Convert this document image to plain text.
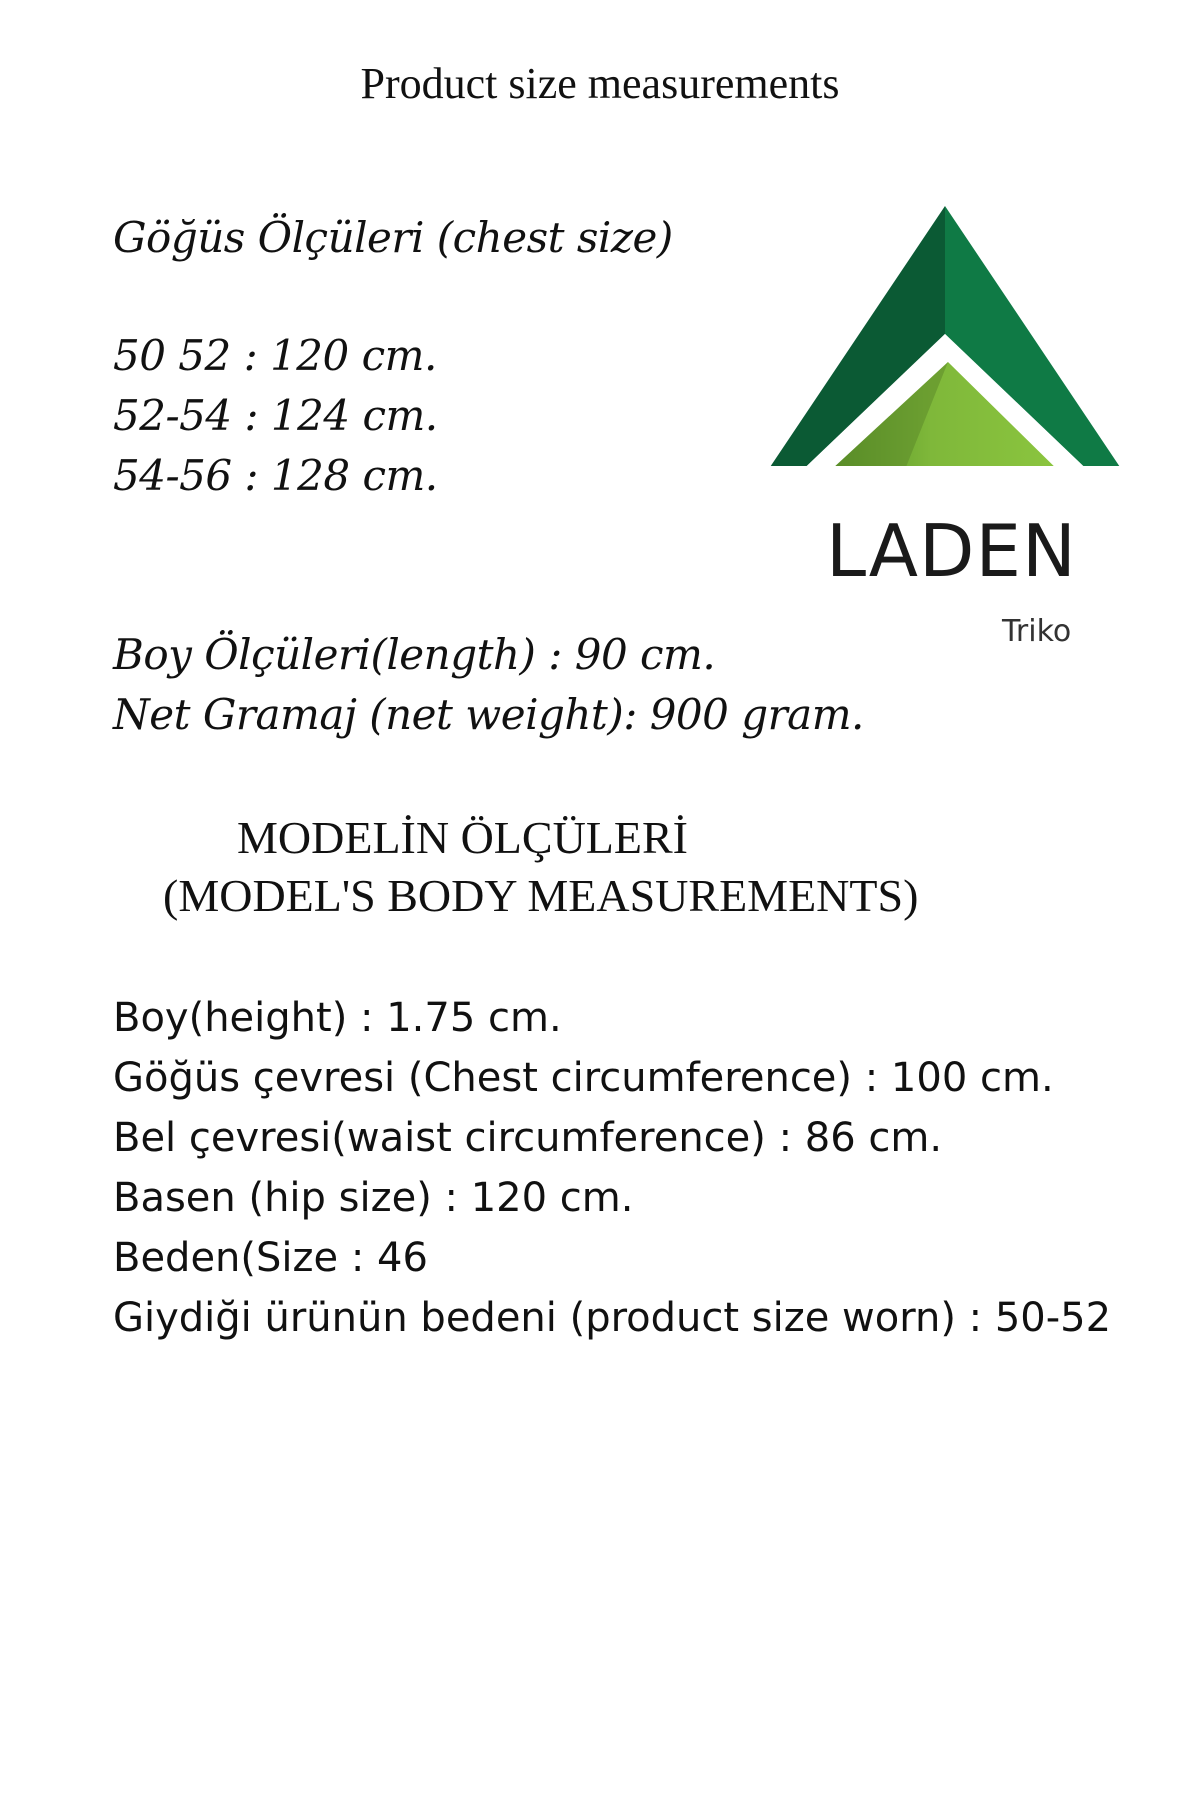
Product size measurements
Göğüs Ölçüleri (chest size)
50 52 : 120 cm.
52-54 : 124 cm.
54-56 : 128 cm.
Boy Ölçüleri(length) : 90 cm.
Net Gramaj (net weight): 900 gram.
MODELİN ÖLÇÜLERİ
(MODEL'S BODY MEASUREMENTS)
Boy(height) : 1.75 cm.
Göğüs çevresi (Chest circumference) : 100 cm.
Bel çevresi(waist circumference) : 86 cm.
Basen (hip size) : 120 cm.
Beden(Size : 46
Giydiği ürünün bedeni (product size worn) : 50-52
LADEN
Triko
